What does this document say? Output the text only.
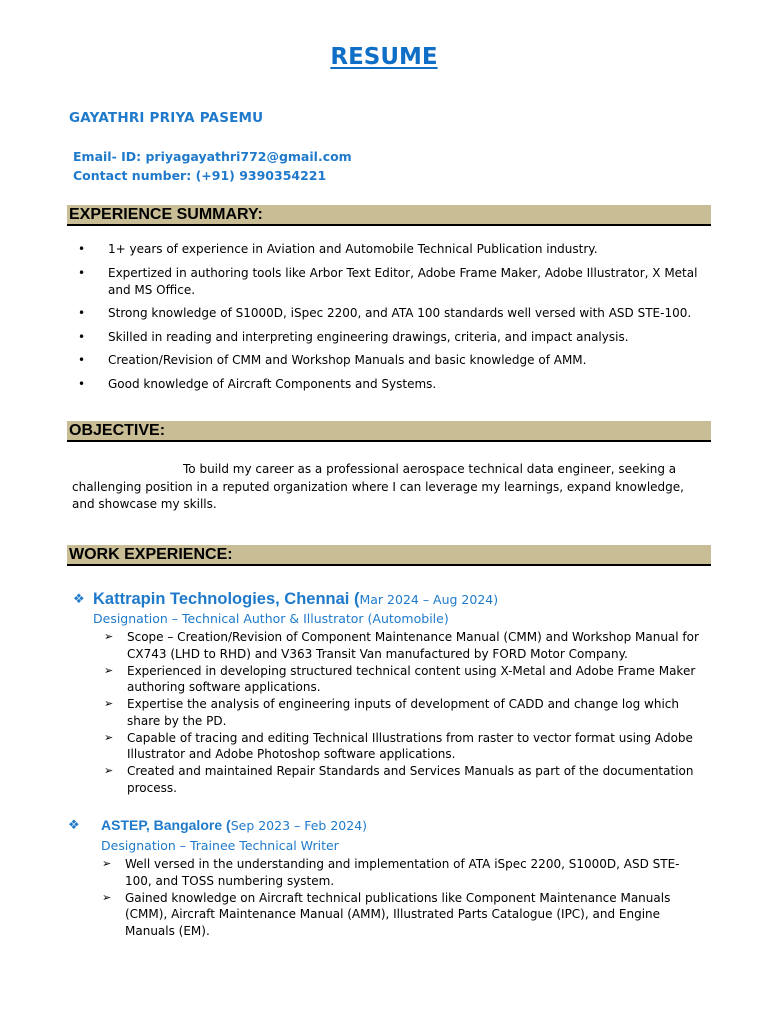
RESUME
GAYATHRI PRIYA PASEMU
Email- ID: priyagayathri772@gmail.com
Contact number: (+91) 9390354221
EXPERIENCE SUMMARY:
• 1+ years of experience in Aviation and Automobile Technical Publication industry.
• Expertized in authoring tools like Arbor Text Editor, Adobe Frame Maker, Adobe Illustrator, X Metal and MS Office.
• Strong knowledge of S1000D, iSpec 2200, and ATA 100 standards well versed with ASD STE-100.
• Skilled in reading and interpreting engineering drawings, criteria, and impact analysis.
• Creation/Revision of CMM and Workshop Manuals and basic knowledge of AMM.
• Good knowledge of Aircraft Components and Systems.
OBJECTIVE:

To build my career as a professional aerospace technical data engineer, seeking a challenging position in a reputed organization where I can leverage my learnings, expand knowledge, and showcase my skills.

WORK EXPERIENCE:
❖ Kattrapin Technologies, Chennai (Mar 2024 – Aug 2024)
Designation – Technical Author & Illustrator (Automobile)
➢ Scope – Creation/Revision of Component Maintenance Manual (CMM) and Workshop Manual for CX743 (LHD to RHD) and V363 Transit Van manufactured by FORD Motor Company.
➢ Experienced in developing structured technical content using X-Metal and Adobe Frame Maker authoring software applications.
➢ Expertise the analysis of engineering inputs of development of CADD and change log which share by the PD.
➢ Capable of tracing and editing Technical Illustrations from raster to vector format using Adobe Illustrator and Adobe Photoshop software applications.
➢ Created and maintained Repair Standards and Services Manuals as part of the documentation process.
❖ ASTEP, Bangalore (Sep 2023 – Feb 2024)
Designation – Trainee Technical Writer
➢ Well versed in the understanding and implementation of ATA iSpec 2200, S1000D, ASD STE-100, and TOSS numbering system.
➢ Gained knowledge on Aircraft technical publications like Component Maintenance Manuals (CMM), Aircraft Maintenance Manual (AMM), Illustrated Parts Catalogue (IPC), and Engine Manuals (EM).
